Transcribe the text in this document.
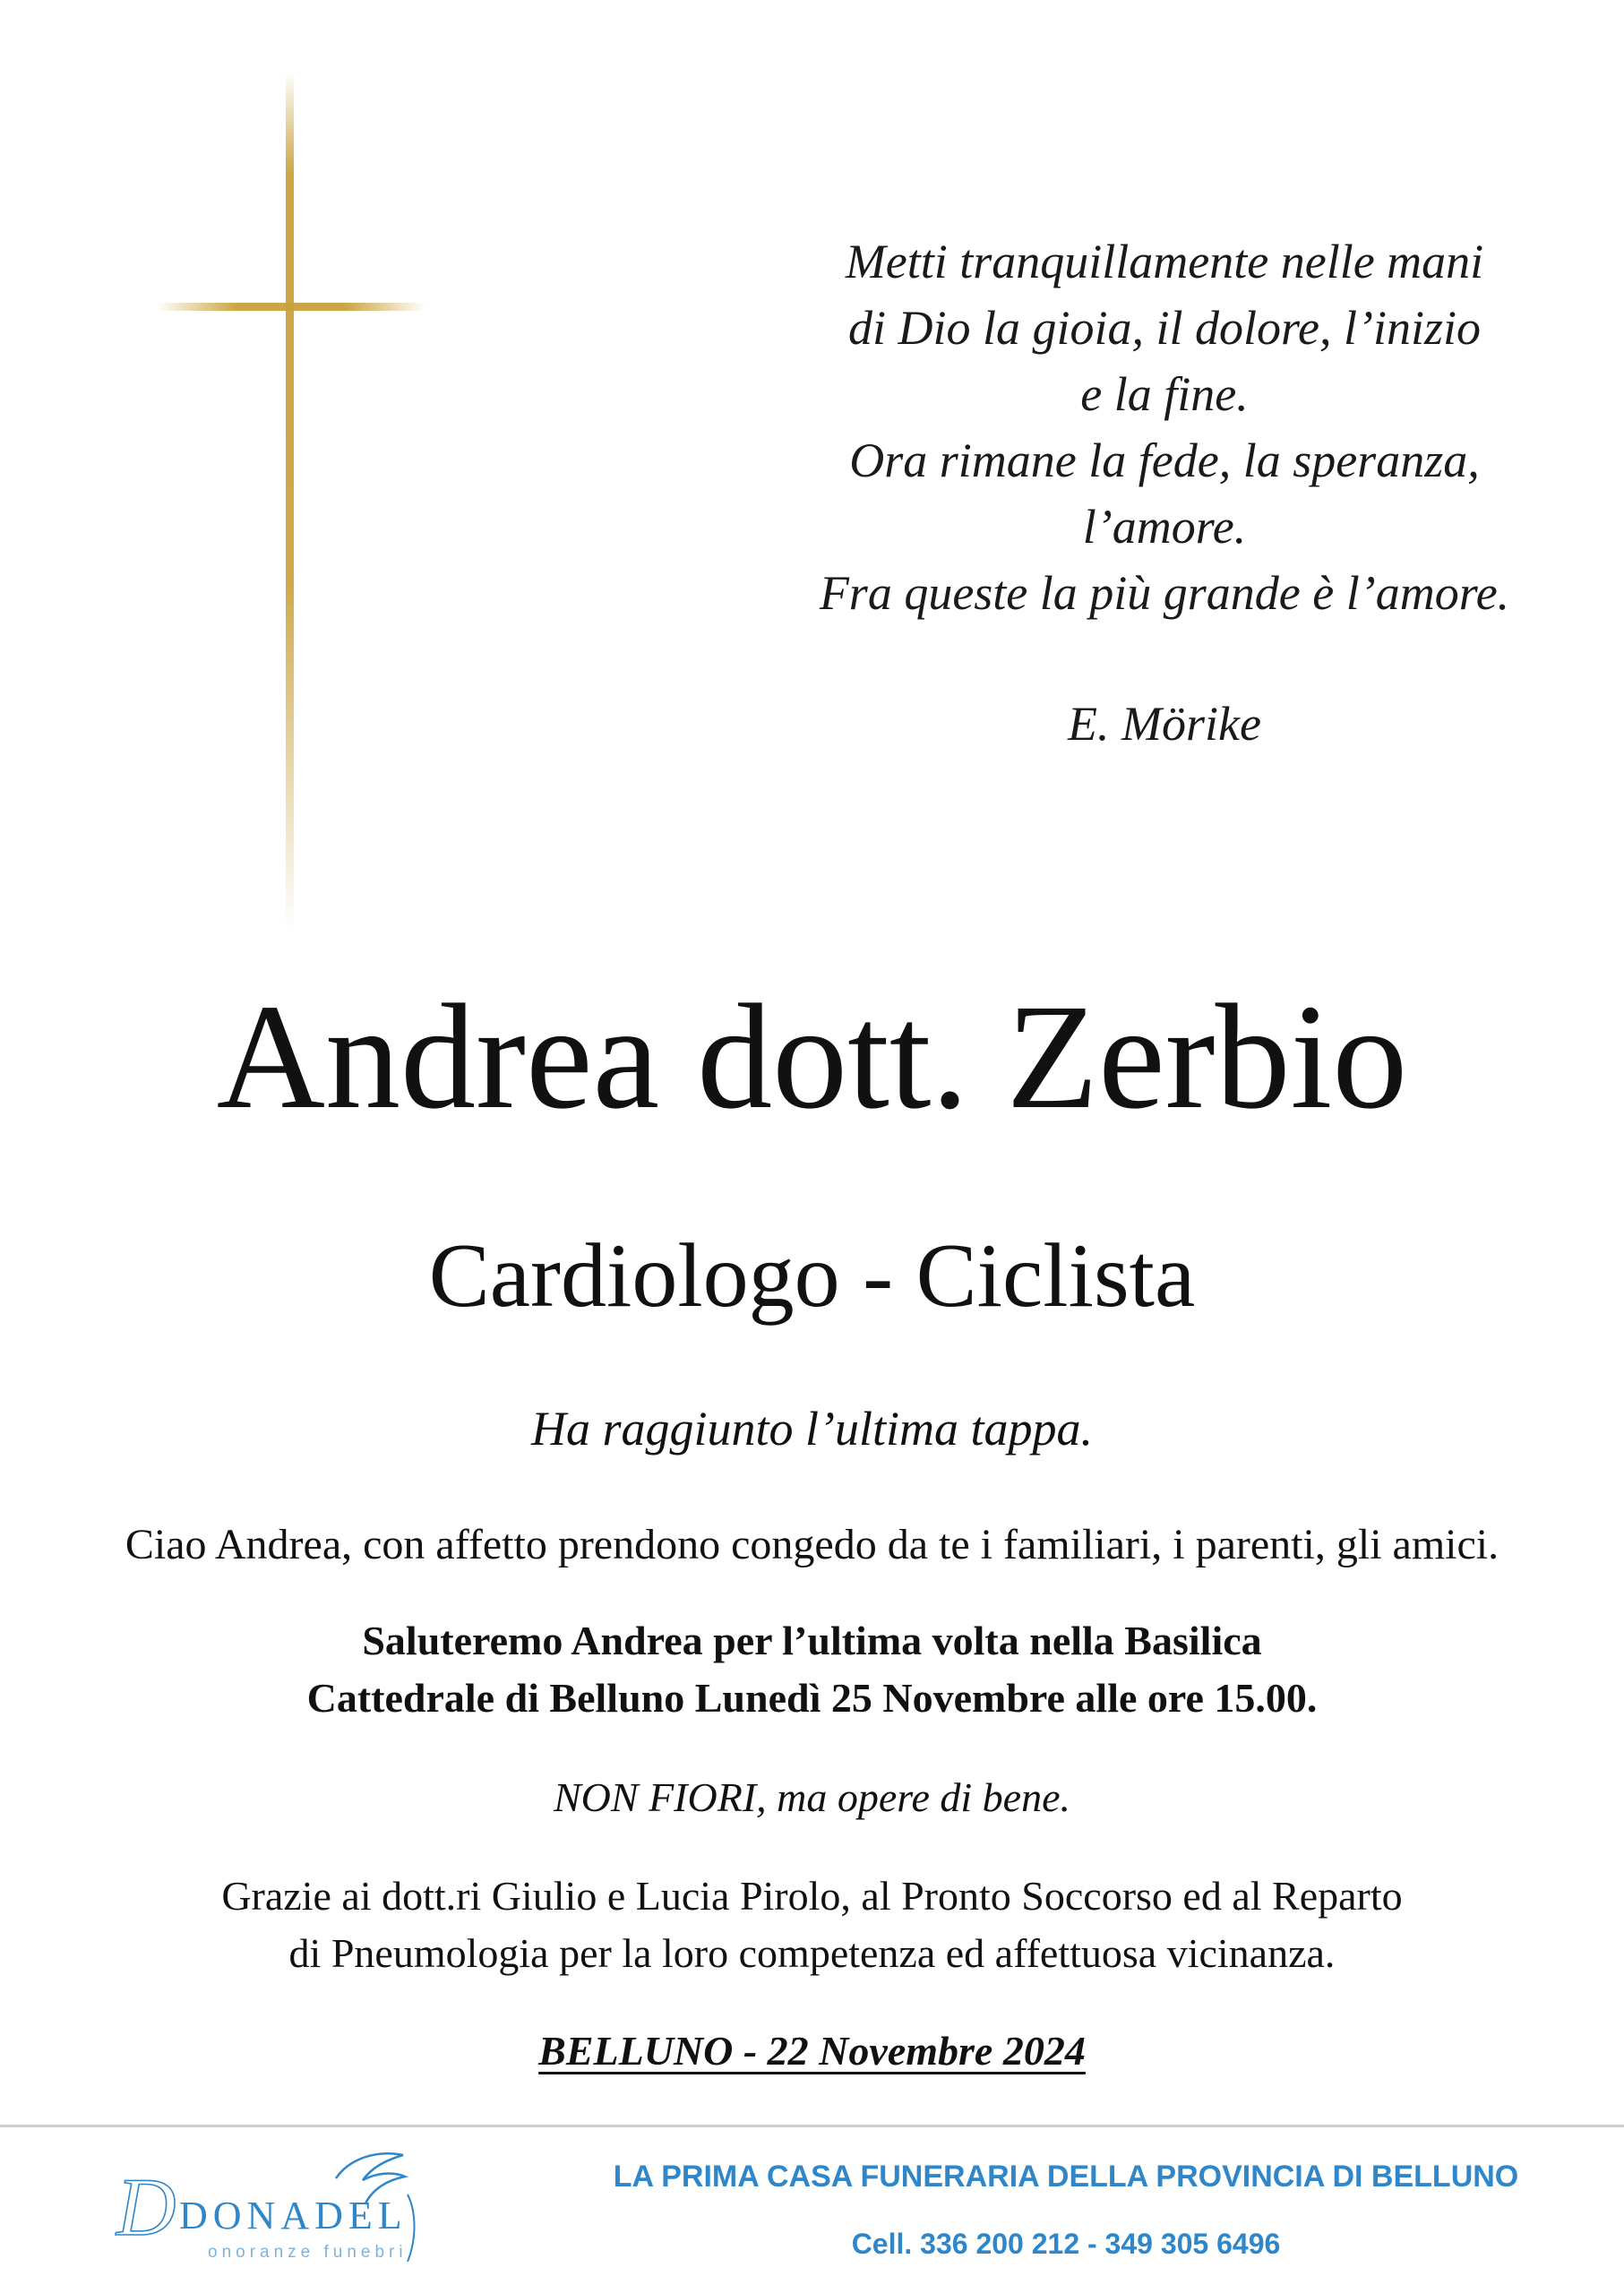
Metti tranquillamente nelle mani
di Dio la gioia, il dolore, l’inizio
e la fine.
Ora rimane la fede, la speranza,
l’amore.
Fra queste la più grande è l’amore.
E. Mörike
Andrea dott. Zerbio
Cardiologo - Ciclista
Ha raggiunto l’ultima tappa.
Ciao Andrea, con affetto prendono congedo da te i familiari, i parenti, gli amici.
Saluteremo Andrea per l’ultima volta nella Basilica
Cattedrale di Belluno Lunedì 25 Novembre alle ore 15.00.
NON FIORI, ma opere di bene.
Grazie ai dott.ri Giulio e Lucia Pirolo, al Pronto Soccorso ed al Reparto
di Pneumologia per la loro competenza ed affettuosa vicinanza.
BELLUNO - 22 Novembre 2024
D DONADEL
onoranze funebri
LA PRIMA CASA FUNERARIA DELLA PROVINCIA DI BELLUNO
Cell. 336 200 212 - 349 305 6496
